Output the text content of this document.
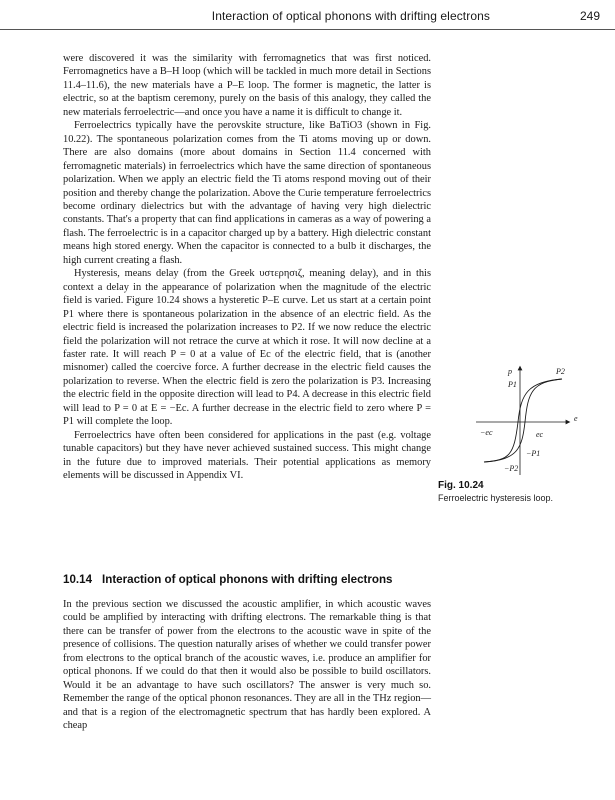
Interaction of optical phonons with drifting electrons	249

were discovered it was the similarity with ferromagnetics that was first noticed. Ferromagnetics have a B–H loop (which will be tackled in much more detail in Sections 11.4–11.6), the new materials have a P–E loop. The former is magnetic, the latter is electric, so at the baptism ceremony, purely on the basis of this analogy, they called the new materials ferroelectric—and once you have a name it is difficult to change it.

Ferroelectrics typically have the perovskite structure, like BaTiO3 (shown in Fig. 10.22). The spontaneous polarization comes from the Ti atoms moving up or down. There are also domains (more about domains in Section 11.4 concerned with ferromagnetic materials) in ferroelectrics which have the same direction of spontaneous polarization. When we apply an electric field the Ti atoms respond moving out of their position and thereby change the polarization. Above the Curie temperature ferroelectrics become ordinary dielectrics but with the advantage of having very high dielectric constants. That's a property that can find applications in cameras as a way of powering a flash. The ferroelectric is in a capacitor charged up by a battery. High dielectric constant means high stored energy. When the capacitor is connected to a bulb it discharges, the high current creating a flash.

Hysteresis, means delay (from the Greek υστερησιζ, meaning delay), and in this context a delay in the appearance of polarization when the magnitude of the electric field is varied. Figure 10.24 shows a hysteretic P–E curve. Let us start at a certain point P1 where there is spontaneous polarization in the absence of an electric field. As the electric field is increased the polarization increases to P2. If we now reduce the electric field the polarization will not retrace the curve at which it rose. It will now decline at a faster rate. It will reach P = 0 at a value of Ec of the electric field, that is (another misnomer) called the coercive force. A further decrease in the electric field causes the polarization to reverse. When the electric field is zero the polarization is P3. Increasing the electric field in the opposite direction will lead to P4. A decrease in this electric field will lead to P = 0 at E = −Ec. A further decrease in the electric field to zero where P = P1 will complete the loop.

Ferroelectrics have often been considered for applications in the past (e.g. voltage tunable capacitors) but they have never achieved sustained success. This might change in the future due to improved materials. Their potential applications as memory elements will be discussed in Appendix VI.

10.14 Interaction of optical phonons with drifting electrons

In the previous section we discussed the acoustic amplifier, in which acoustic waves could be amplified by interacting with drifting electrons. The remarkable thing is that there can be transfer of power from the electrons to the acoustic wave in spite of the presence of collisions. The question naturally arises of whether we could transfer power from electrons to the optical branch of the acoustic waves, i.e. produce an amplifier for optical phonons. If we could do that then it would also be possible to build oscillators. Would it be an advantage to have such oscillators? The answer is very much so. Remember the range of the optical phonon resonances. They are all in the THz region—and that is a region of the electromagnetic spectrum that has hardly been explored. A cheap

p
e
P2
P1
−ec	ec
−P1
−P2
Fig. 10.24
Ferroelectric hysteresis loop.
